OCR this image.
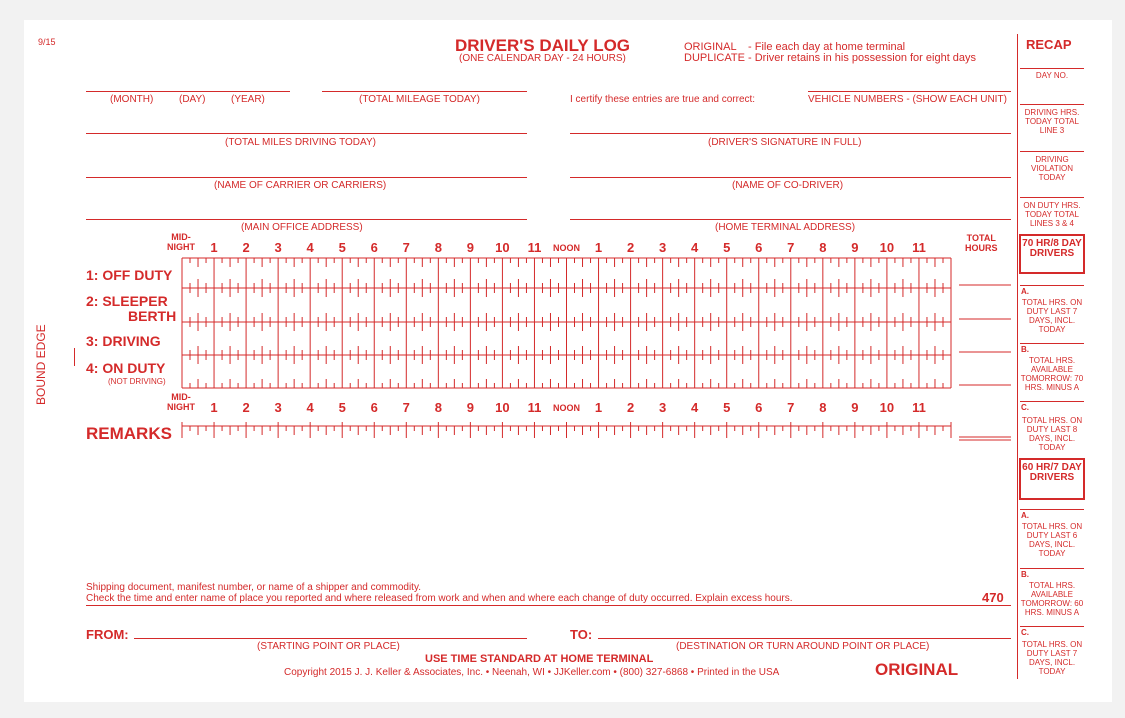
9/15	DRIVER'S DAILY LOG
(ONE CALENDAR DAY - 24 HOURS)
ORIGINAL - File each day at home terminal
DUPLICATE - Driver retains in his possession for eight days
(MONTH)	(DAY)	(YEAR)	(TOTAL MILEAGE TODAY)	I certify these entries are true and correct:	VEHICLE NUMBERS - (SHOW EACH UNIT)
(TOTAL MILES DRIVING TODAY)	(DRIVER'S SIGNATURE IN FULL)
(NAME OF CARRIER OR CARRIERS)	(NAME OF CO-DRIVER)
(MAIN OFFICE ADDRESS)	(HOME TERMINAL ADDRESS)
MID-
NIGHT	1	2	3	4	5	6	7	8	9	10	11	NOON	1	2	3	4	5	6	7	8	9	10	11
TOTAL
HOURS
1: OFF DUTY
2: SLEEPER
BERTH
3: DRIVING
4: ON DUTY
(NOT DRIVING)
MID-
NIGHT	1	2	3	4	5	6	7	8	9	10	11	NOON	1	2	3	4	5	6	7	8	9	10	11
REMARKS
BOUND EDGE
Shipping document, manifest number, or name of a shipper and commodity.
Check the time and enter name of place you reported and where released from work and when and where each change of duty occurred. Explain excess hours.	470
FROM:
(STARTING POINT OR PLACE)
TO:
(DESTINATION OR TURN AROUND POINT OR PLACE)
USE TIME STANDARD AT HOME TERMINAL
Copyright 2015 J. J. Keller & Associates, Inc. • Neenah, WI • JJKeller.com • (800) 327-6868 • Printed in the USA	ORIGINAL
RECAP
DAY NO.
DRIVING HRS. TODAY TOTAL LINE 3
DRIVING VIOLATION TODAY
ON DUTY HRS. TODAY TOTAL LINES 3 & 4
70 HR/8 DAY DRIVERS
A.
TOTAL HRS. ON DUTY LAST 7 DAYS, INCL. TODAY
B.
TOTAL HRS. AVAILABLE TOMORROW: 70 HRS. MINUS A
C.
TOTAL HRS. ON DUTY LAST 8 DAYS, INCL. TODAY
60 HR/7 DAY DRIVERS
A.
TOTAL HRS. ON DUTY LAST 6 DAYS, INCL. TODAY
B.
TOTAL HRS. AVAILABLE TOMORROW: 60 HRS. MINUS A
C.
TOTAL HRS. ON DUTY LAST 7 DAYS, INCL. TODAY
